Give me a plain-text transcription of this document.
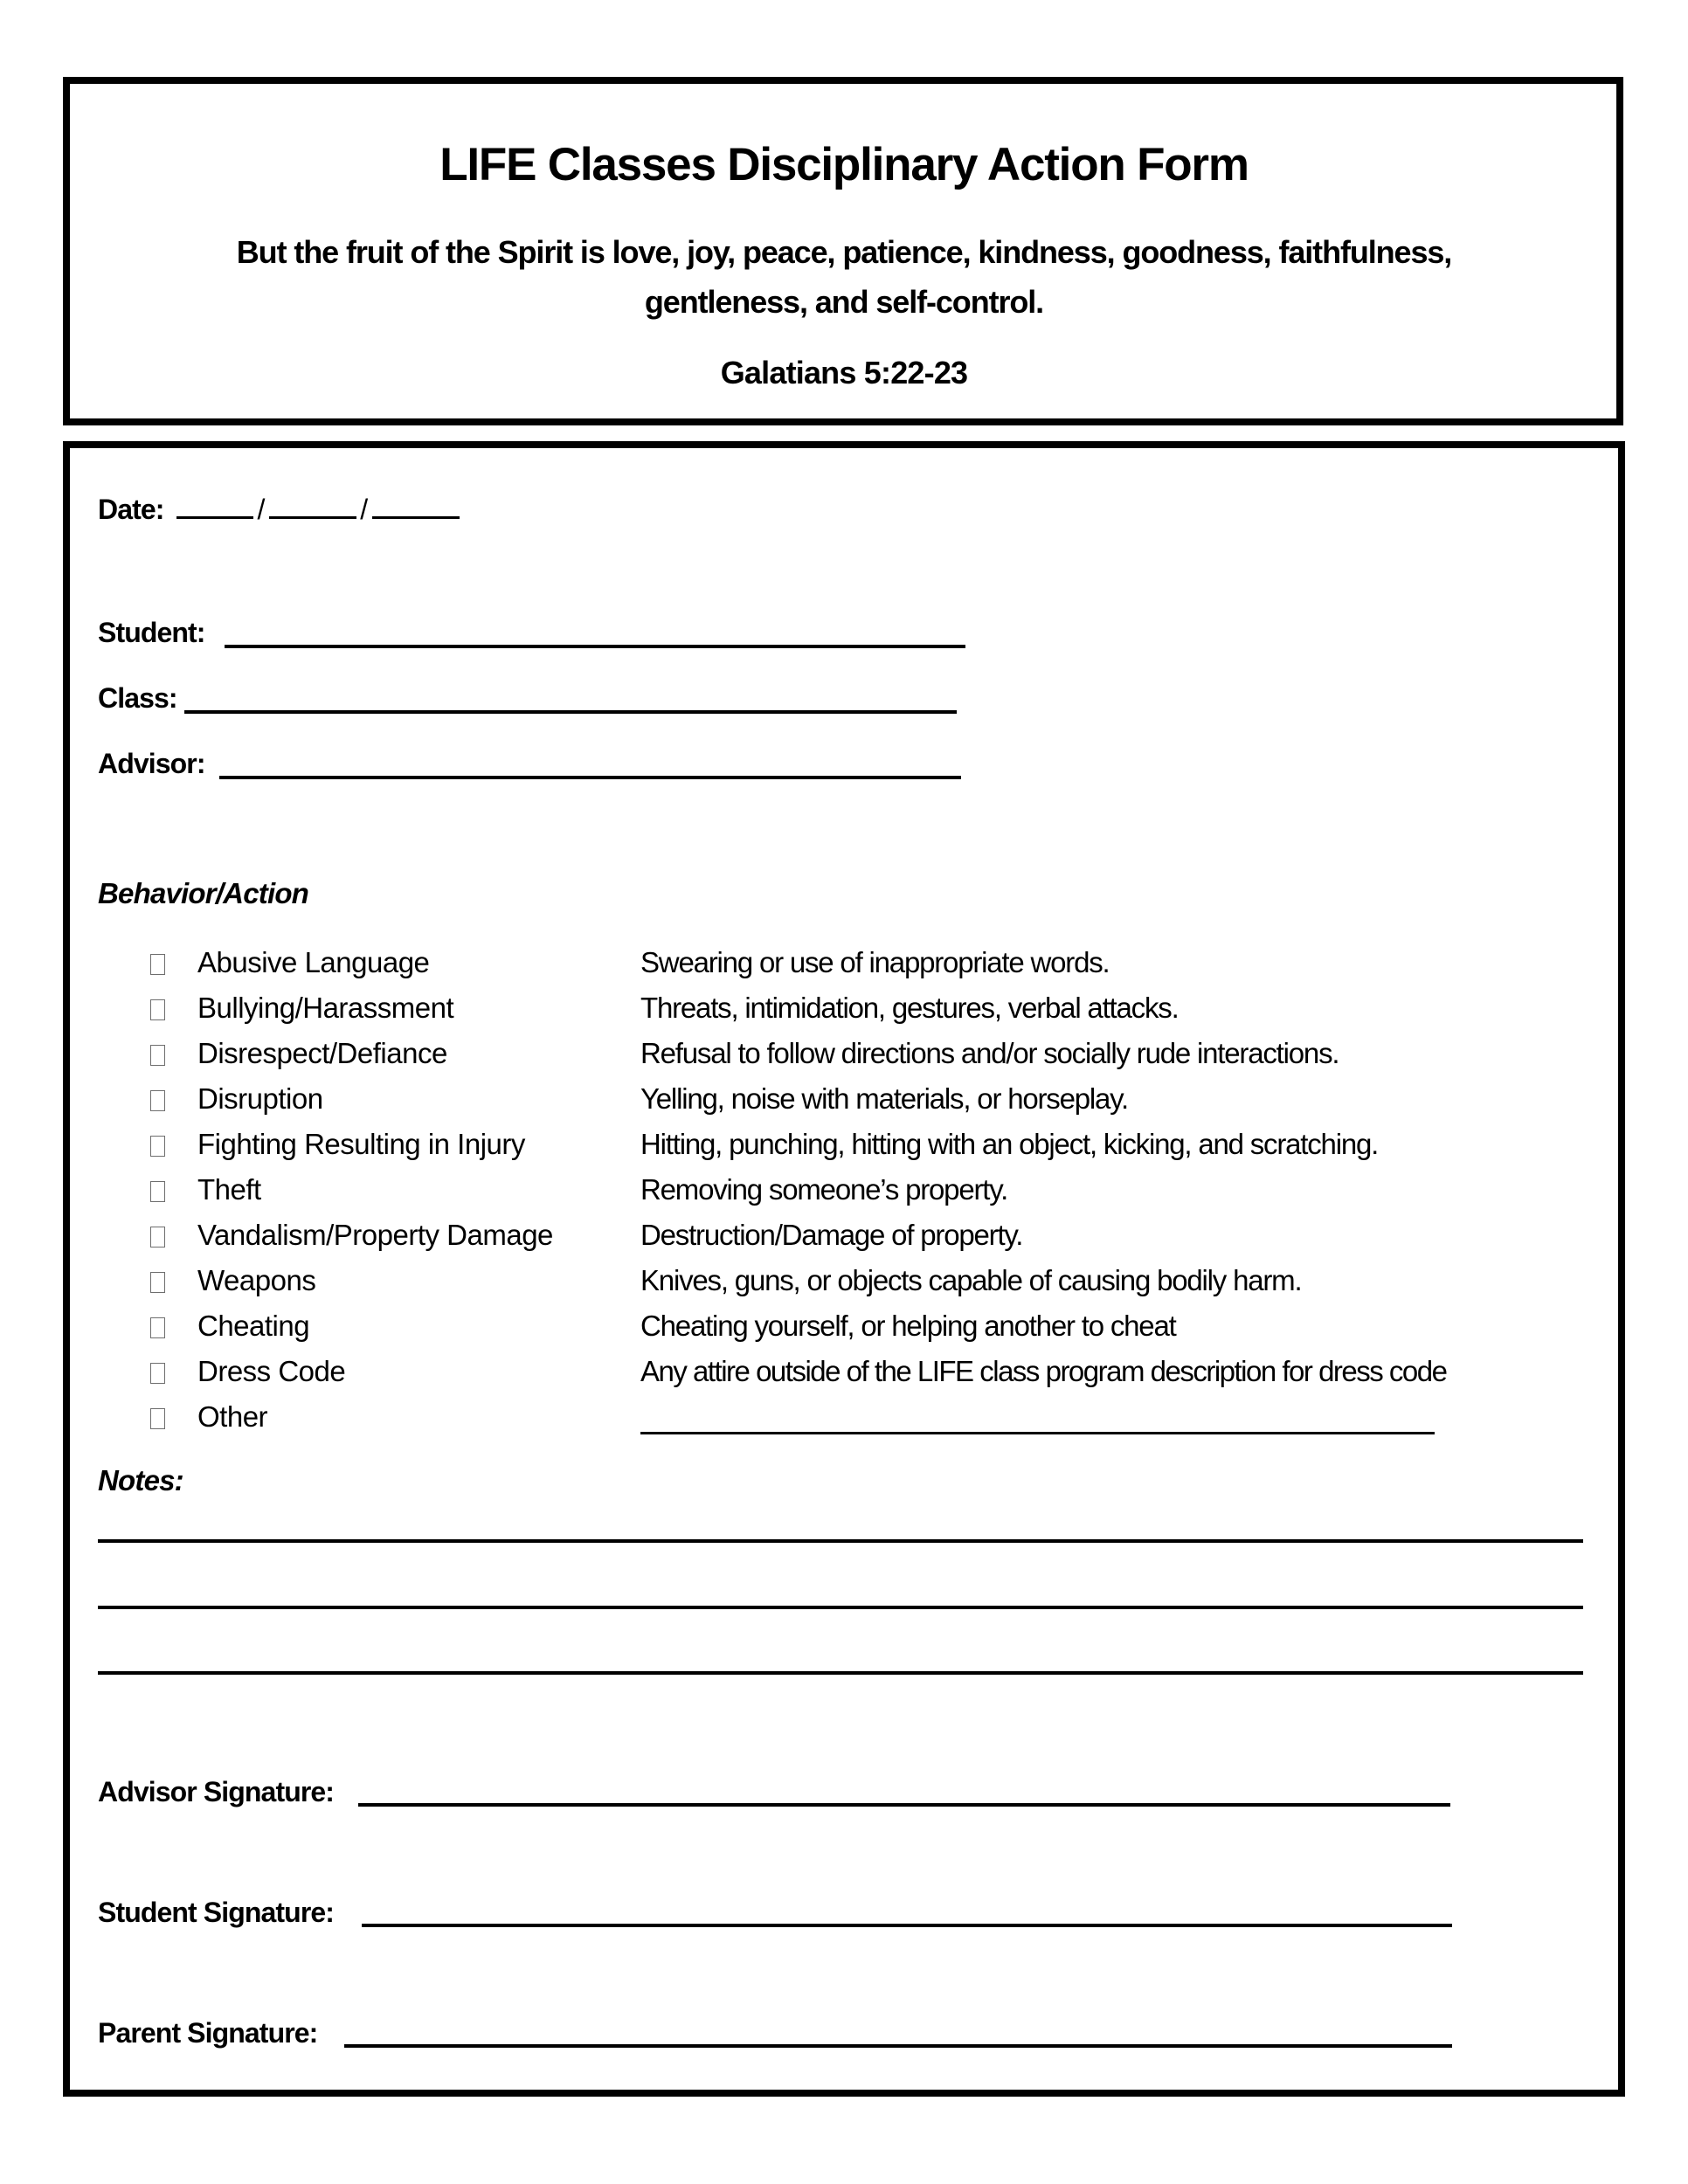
LIFE Classes Disciplinary Action Form
But the fruit of the Spirit is love, joy, peace, patience, kindness, goodness, faithfulness,
gentleness, and self-control.
Galatians 5:22-23
Date:	/	/
Student:
Class:
Advisor:
Behavior/Action
Abusive Language	Swearing or use of inappropriate words.
Bullying/Harassment	Threats, intimidation, gestures, verbal attacks.
Disrespect/Defiance	Refusal to follow directions and/or socially rude interactions.
Disruption	Yelling, noise with materials, or horseplay.
Fighting Resulting in Injury	Hitting, punching, hitting with an object, kicking, and scratching.
Theft	Removing someone’s property.
Vandalism/Property Damage	Destruction/Damage of property.
Weapons	Knives, guns, or objects capable of causing bodily harm.
Cheating	Cheating yourself, or helping another to cheat
Dress Code	Any attire outside of the LIFE class program description for dress code
Other
Notes:
Advisor Signature:
Student Signature:
Parent Signature:
